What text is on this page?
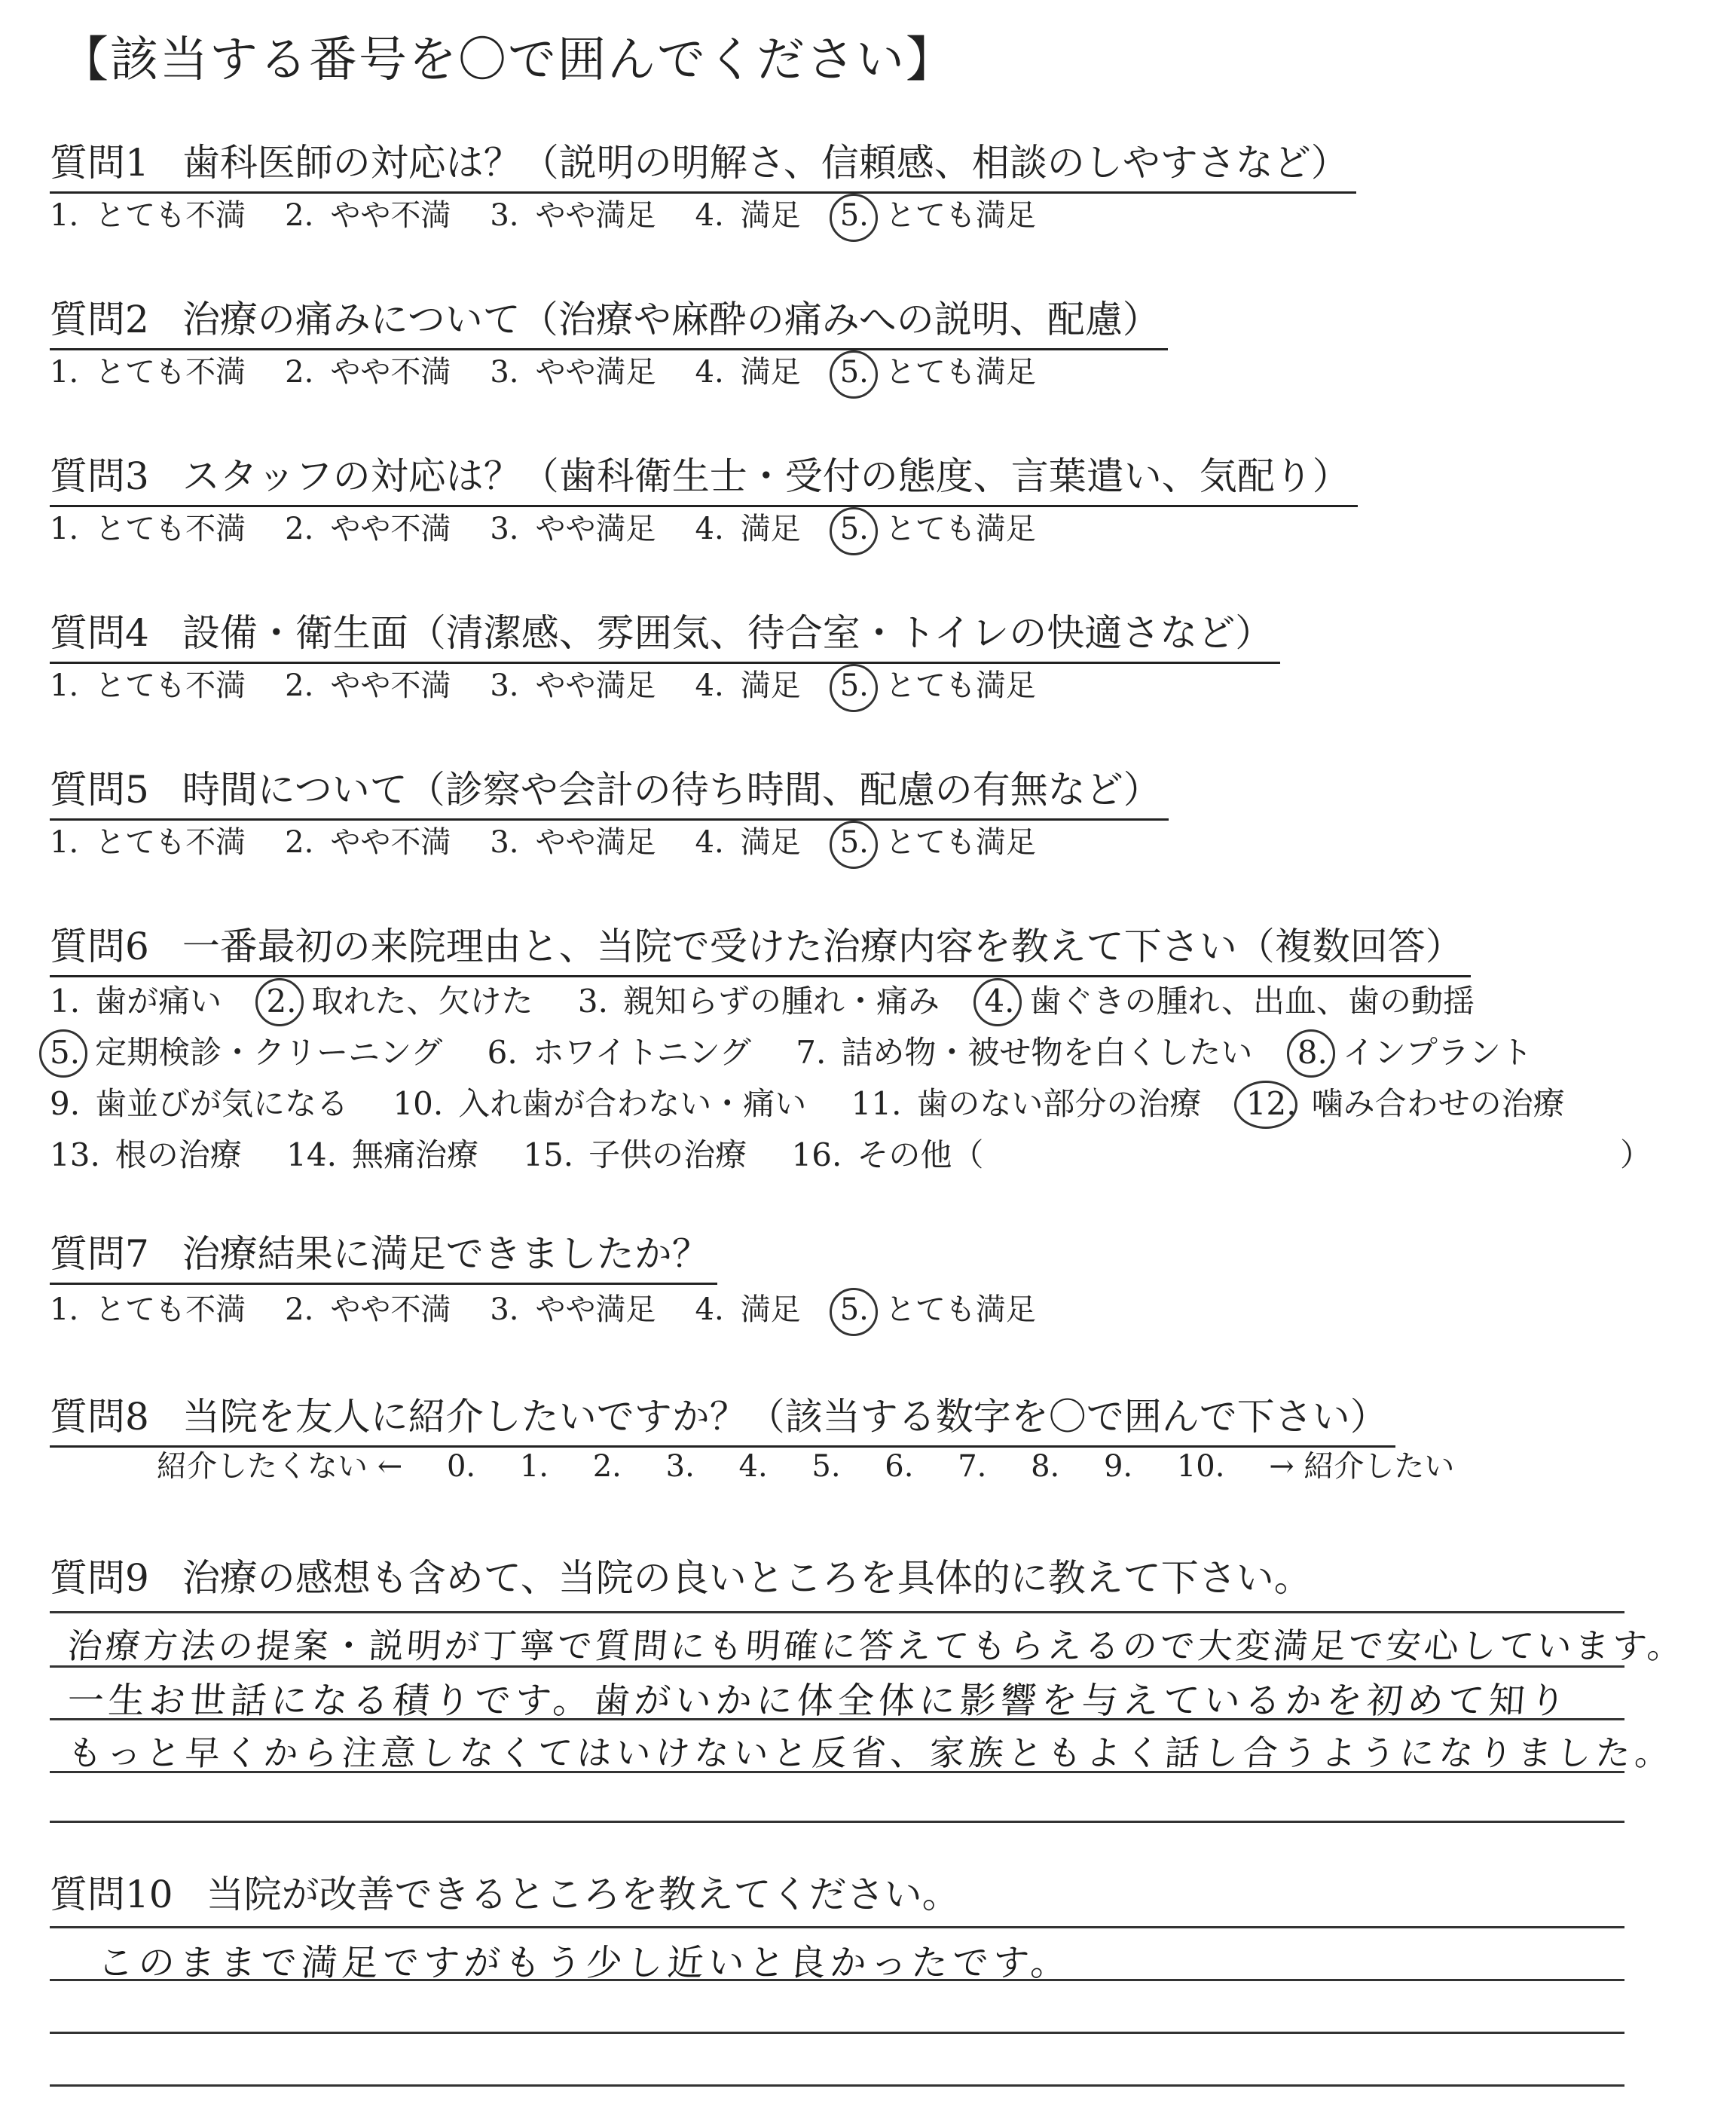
【該当する番号を〇で囲んでください】
質問1 歯科医師の対応は？（説明の明解さ、信頼感、相談のしやすさなど）
1. とても不満 2. やや不満 3. やや満足 4. 満足 5. とても満足
質問2 治療の痛みについて（治療や麻酔の痛みへの説明、配慮）
1. とても不満 2. やや不満 3. やや満足 4. 満足 5. とても満足
質問3 スタッフの対応は？（歯科衛生士・受付の態度、言葉遣い、気配り）
1. とても不満 2. やや不満 3. やや満足 4. 満足 5. とても満足
質問4 設備・衛生面（清潔感、雰囲気、待合室・トイレの快適さなど）
1. とても不満 2. やや不満 3. やや満足 4. 満足 5. とても満足
質問5 時間について（診察や会計の待ち時間、配慮の有無など）
1. とても不満 2. やや不満 3. やや満足 4. 満足 5. とても満足
質問6 一番最初の来院理由と、当院で受けた治療内容を教えて下さい（複数回答）
1. 歯が痛い 2. 取れた、欠けた 3. 親知らずの腫れ・痛み 4. 歯ぐきの腫れ、出血、歯の動揺
5. 定期検診・クリーニング 6. ホワイトニング 7. 詰め物・被せ物を白くしたい 8. インプラント
9. 歯並びが気になる 10. 入れ歯が合わない・痛い 11. 歯のない部分の治療 12. 噛み合わせの治療
13. 根の治療 14. 無痛治療 15. 子供の治療 16. その他（	）
質問7 治療結果に満足できましたか？
1. とても不満 2. やや不満 3. やや満足 4. 満足 5. とても満足
質問8 当院を友人に紹介したいですか？（該当する数字を〇で囲んで下さい）
紹介したくない ← 0. 1. 2. 3. 4. 5. 6. 7. 8. 9. 10. → 紹介したい
質問9 治療の感想も含めて、当院の良いところを具体的に教えて下さい。
治療方法の提案・説明が丁寧で質問にも明確に答えてもらえるので大変満足で安心しています。
一生お世話になる積りです。歯がいかに体全体に影響を与えているかを初めて知り
もっと早くから注意しなくてはいけないと反省、家族ともよく話し合うようになりました。
質問10 当院が改善できるところを教えてください。
このままで満足ですがもう少し近いと良かったです。
